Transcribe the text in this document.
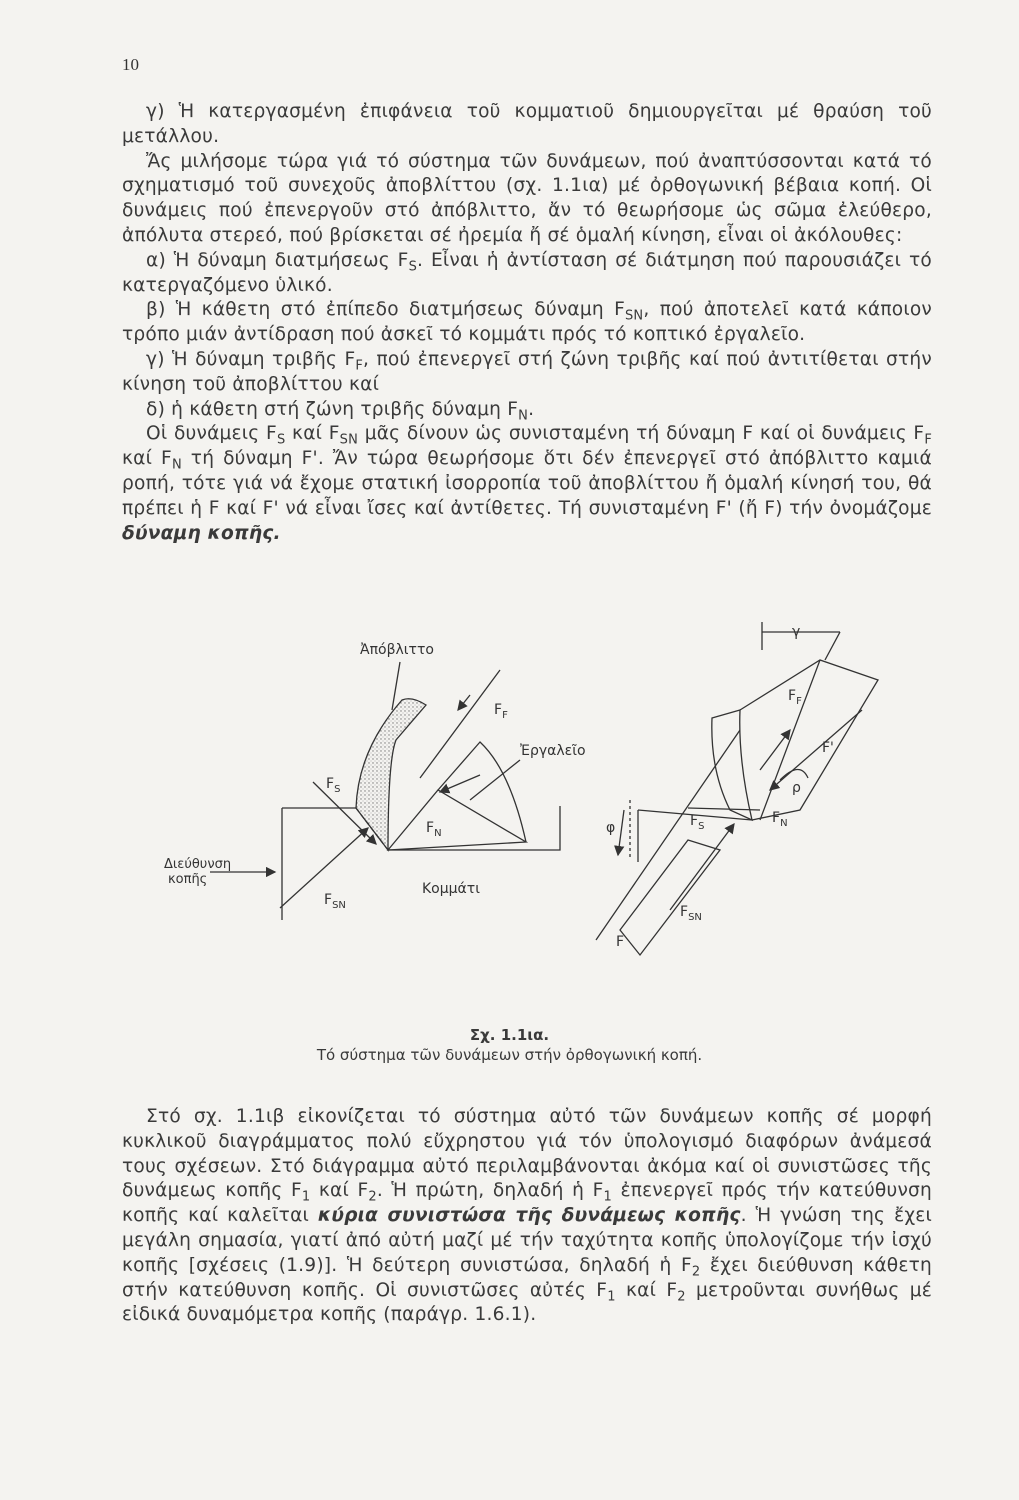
10

γ) Ἡ κατεργασμένη ἐπιφάνεια τοῦ κομματιοῦ δημιουργεῖται μέ θραύση τοῦ μετάλλου.

Ἄς μιλήσομε τώρα γιά τό σύστημα τῶν δυνάμεων, πού ἀναπτύσσονται κατά τό σχηματισμό τοῦ συνεχοῦς ἀποβλίττου (σχ. 1.1ια) μέ ὀρθογωνική βέβαια κοπή. Οἱ δυνάμεις πού ἐπενεργοῦν στό ἀπόβλιττο, ἄν τό θεωρήσομε ὡς σῶμα ἐλεύθερο, ἀπόλυτα στερεό, πού βρίσκεται σέ ἠρεμία ἤ σέ ὁμαλή κίνηση, εἶναι οἱ ἀκόλουθες:

α) Ἡ δύναμη διατμήσεως $F_S$. Εἶναι ἡ ἀντίσταση σέ διάτμηση πού παρουσιάζει τό κατεργαζόμενο ὑλικό.

β) Ἡ κάθετη στό ἐπίπεδο διατμήσεως δύναμη $F_{SN}$, πού ἀποτελεῖ κατά κάποιον τρόπο μιάν ἀντίδραση πού ἀσκεῖ τό κομμάτι πρός τό κοπτικό ἐργαλεῖο.

γ) Ἡ δύναμη τριβῆς $F_F$, πού ἐπενεργεῖ στή ζώνη τριβῆς καί πού ἀντιτίθεται στήν κίνηση τοῦ ἀποβλίττου καί

δ) ἡ κάθετη στή ζώνη τριβῆς δύναμη $F_N$.

Οἱ δυνάμεις $F_S$ καί $F_{SN}$ μᾶς δίνουν ὡς συνισταμένη τή δύναμη F καί οἱ δυνάμεις $F_F$ καί $F_N$ τή δύναμη F'. Ἄν τώρα θεωρήσομε ὅτι δέν ἐπενεργεῖ στό ἀπόβλιττο καμιά ροπή, τότε γιά νά ἔχομε στατική ἰσορροπία τοῦ ἀποβλίττου ἤ ὁμαλή κίνησή του, θά πρέπει ἡ F καί F' νά εἶναι ἴσες καί ἀντίθετες. Τή συνισταμένη F' (ἤ F) τήν ὀνομάζομε δύναμη κοπῆς.

Ἀπόβλιττο
Ἐργαλεῖο
Κομμάτι
Διεύθυνση
κοπῆς
$F_S$
$F_F$
$F_N$
$F_{SN}$
$F_F$
F'
ρ
$F_N$
$F_S$
$F_{SN}$
F
φ
γ
Σχ. 1.1ια.
Τό σύστημα τῶν δυνάμεων στήν ὀρθογωνική κοπή.

Στό σχ. 1.1ιβ εἰκονίζεται τό σύστημα αὐτό τῶν δυνάμεων κοπῆς σέ μορφή κυκλικοῦ διαγράμματος πολύ εὔχρηστου γιά τόν ὑπολογισμό διαφόρων ἀνάμεσά τους σχέσεων. Στό διάγραμμα αὐτό περιλαμβάνονται ἀκόμα καί οἱ συνιστῶσες τῆς δυνάμεως κοπῆς $F_1$ καί $F_2$. Ἡ πρώτη, δηλαδή ἡ $F_1$ ἐπενεργεῖ πρός τήν κατεύθυνση κοπῆς καί καλεῖται κύρια συνιστώσα τῆς δυνάμεως κοπῆς. Ἡ γνώση της ἔχει μεγάλη σημασία, γιατί ἀπό αὐτή μαζί μέ τήν ταχύτητα κοπῆς ὑπολογίζομε τήν ἰσχύ κοπῆς [σχέσεις (1.9)]. Ἡ δεύτερη συνιστώσα, δηλαδή ἡ $F_2$ ἔχει διεύθυνση κάθετη στήν κατεύθυνση κοπῆς. Οἱ συνιστῶσες αὐτές $F_1$ καί $F_2$ μετροῦνται συνήθως μέ εἰδικά δυναμόμετρα κοπῆς (παράγρ. 1.6.1).
